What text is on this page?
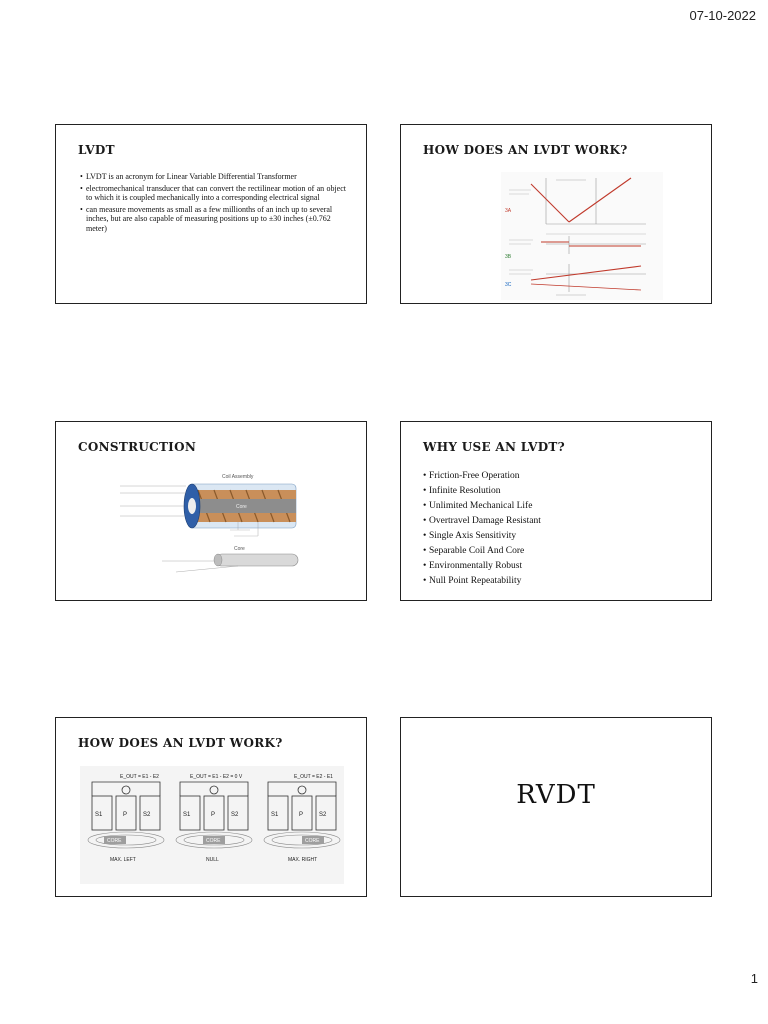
07-10-2022
LVDT
• LVDT is an acronym for Linear Variable Differential Transformer
• electromechanical transducer that can convert the rectilinear motion of an object to which it is coupled mechanically into a corresponding electrical signal
• can measure movements as small as a few millionths of an inch up to several inches, but are also capable of measuring positions up to ±30 inches (±0.762 meter)
HOW DOES AN LVDT WORK?
3A
3B
3C
CONSTRUCTION
Coil Assembly
Core
Core
WHY USE AN LVDT?
• Friction-Free Operation
• Infinite Resolution
• Unlimited Mechanical Life
• Overtravel Damage Resistant
• Single Axis Sensitivity
• Separable Coil And Core
• Environmentally Robust
• Null Point Repeatability
HOW DOES AN LVDT WORK?
E_OUT = E1 - E2
S1	P	S2
CORE
MAX. LEFT
E_OUT = E1 - E2 = 0 V
S1	P	S2
CORE
NULL
E_OUT = E2 - E1
S1	P	S2
CORE
MAX. RIGHT
RVDT
1
